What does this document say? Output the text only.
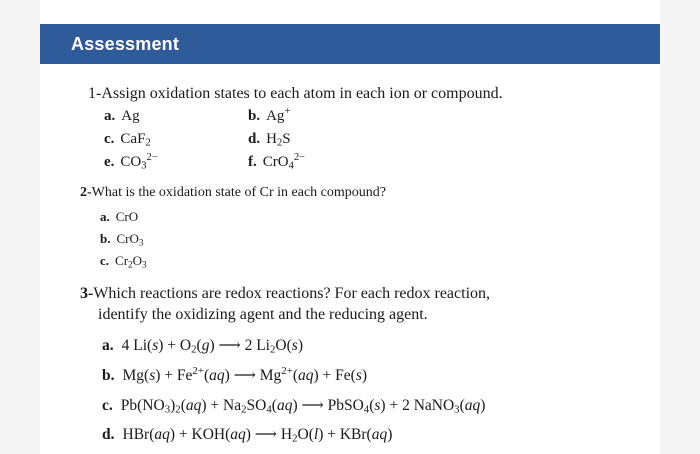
Assessment
1-Assign oxidation states to each atom in each ion or compound.
a. Ag	b. Ag+
c. CaF$_2$	d. $H_2S$
e. $CO_3^{2-}$	f. CrO$_4^{2-}$
2-What is the oxidation state of Cr in each compound?
a. CrO
b. CrO$_3$
c. $Cr_2O_3$
3-Which reactions are redox reactions? For each redox reaction,
identify the oxidizing agent and the reducing agent.
a. 4 $Li(s) + O_2(g)$ ⟶ 2 $Li_2O(s)$
b. $Mg(s) + Fe^{2+}(aq)$ ⟶ $Mg^{2+}(aq) + Fe(s)$
c. $Pb(NO_3)_2(aq) + Na_2SO_4(aq)$ ⟶ PbSO$_4$(s) + 2 NaNO$_3$(aq)
d. HBr(aq) + KOH(aq) ⟶ $H_2O(l) + KBr(aq)$
